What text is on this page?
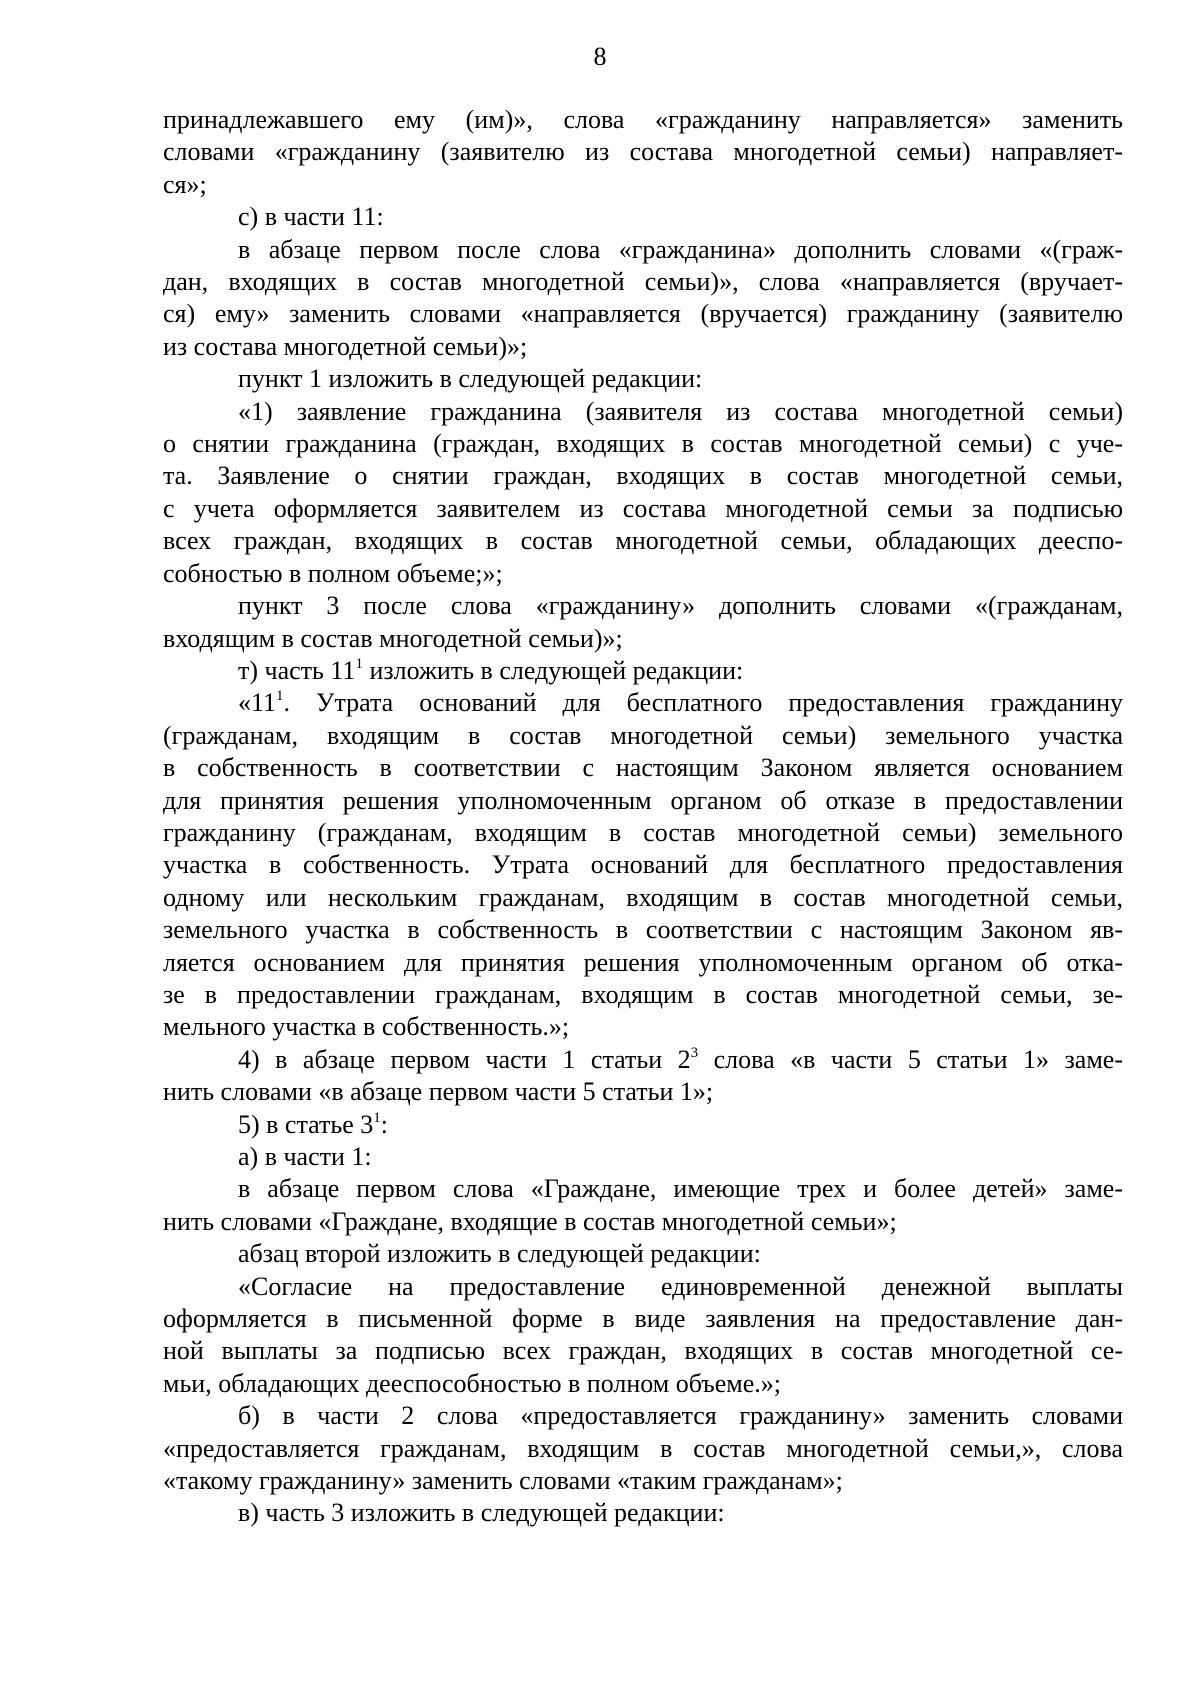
8
принадлежавшего ему (им)», слова «гражданину направляется» заменить
словами «гражданину (заявителю из состава многодетной семьи) направляет-
ся»;
с) в части 11:
в абзаце первом после слова «гражданина» дополнить словами «(граж-
дан, входящих в состав многодетной семьи)», слова «направляется (вручает-
ся) ему» заменить словами «направляется (вручается) гражданину (заявителю
из состава многодетной семьи)»;
пункт 1 изложить в следующей редакции:
«1) заявление гражданина (заявителя из состава многодетной семьи)
о снятии гражданина (граждан, входящих в состав многодетной семьи) с уче-
та. Заявление о снятии граждан, входящих в состав многодетной семьи,
с учета оформляется заявителем из состава многодетной семьи за подписью
всех граждан, входящих в состав многодетной семьи, обладающих дееспо-
собностью в полном объеме;»;
пункт 3 после слова «гражданину» дополнить словами «(гражданам,
входящим в состав многодетной семьи)»;
т) часть $11^1$ изложить в следующей редакции:
«$11^1$. Утрата оснований для бесплатного предоставления гражданину
(гражданам, входящим в состав многодетной семьи) земельного участка
в собственность в соответствии с настоящим Законом является основанием
для принятия решения уполномоченным органом об отказе в предоставлении
гражданину (гражданам, входящим в состав многодетной семьи) земельного
участка в собственность. Утрата оснований для бесплатного предоставления
одному или нескольким гражданам, входящим в состав многодетной семьи,
земельного участка в собственность в соответствии с настоящим Законом яв-
ляется основанием для принятия решения уполномоченным органом об отка-
зе в предоставлении гражданам, входящим в состав многодетной семьи, зе-
мельного участка в собственность.»;
4) в абзаце первом части 1 статьи $2^3$ слова «в части 5 статьи 1» заме-
нить словами «в абзаце первом части 5 статьи 1»;
5) в статье $3^1$:
а) в части 1:
в абзаце первом слова «Граждане, имеющие трех и более детей» заме-
нить словами «Граждане, входящие в состав многодетной семьи»;
абзац второй изложить в следующей редакции:
«Согласие на предоставление единовременной денежной выплаты
оформляется в письменной форме в виде заявления на предоставление дан-
ной выплаты за подписью всех граждан, входящих в состав многодетной се-
мьи, обладающих дееспособностью в полном объеме.»;
б) в части 2 слова «предоставляется гражданину» заменить словами
«предоставляется гражданам, входящим в состав многодетной семьи,», слова
«такому гражданину» заменить словами «таким гражданам»;
в) часть 3 изложить в следующей редакции:
